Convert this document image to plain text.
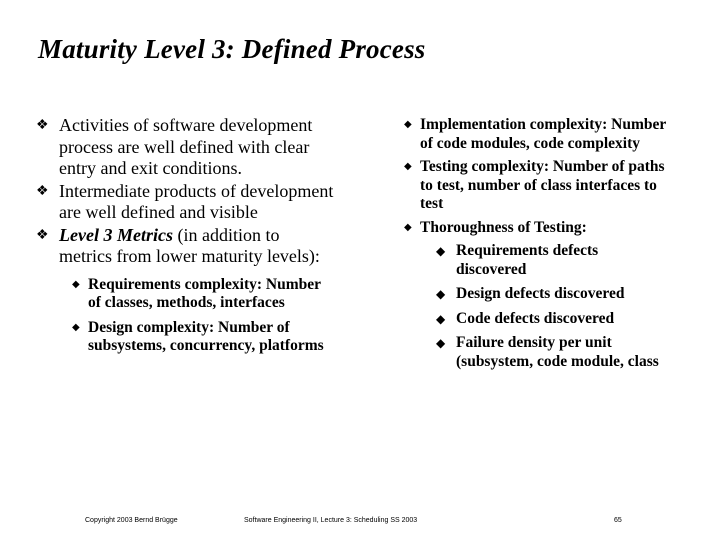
Maturity Level 3: Defined Process
❖ Activities of software development process are well defined with clear entry and exit conditions.
❖ Intermediate products of development are well defined and visible
❖ Level 3 Metrics (in addition to metrics from lower maturity levels):
◆ Requirements complexity: Number of classes, methods, interfaces
◆ Design complexity: Number of subsystems, concurrency, platforms
◆ Implementation complexity: Number of code modules, code complexity
◆ Testing complexity: Number of paths to test, number of class interfaces to test
◆ Thoroughness of Testing:
◆ Requirements defects discovered
◆ Design defects discovered
◆ Code defects discovered
◆ Failure density per unit (subsystem, code module, class
Copyright 2003 Bernd Brügge	Software Engineering II, Lecture 3: Scheduling SS 2003	65
